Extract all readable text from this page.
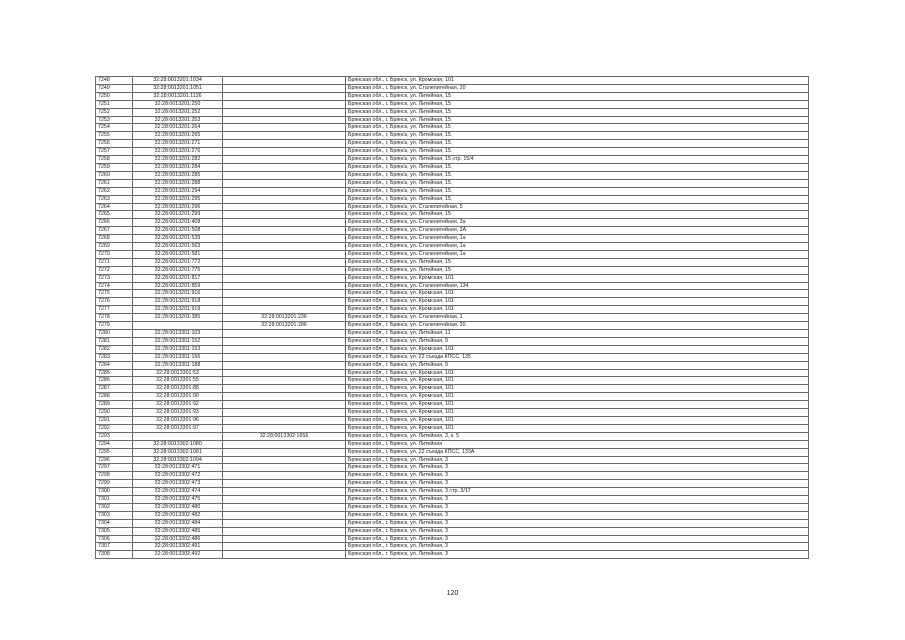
7248	32:28:0013201:1034		Брянская обл., г. Брянск, ул. Кромская, 101
7249	32:28:0013201:1051		Брянская обл., г. Брянск, ул. Сталелитейная, 20
7250	32:28:0013201:1126		Брянская обл., г. Брянск, ул. Литейная, 15
7251	32:28:0013201:250		Брянская обл., г. Брянск, ул. Литейная, 15
7252	32:28:0013201:252		Брянская обл., г. Брянск, ул. Литейная, 15
7253	32:28:0013201:253		Брянская обл., г. Брянск, ул. Литейная, 15
7254	32:28:0013201:264		Брянская обл., г. Брянск, ул. Литейная, 15
7255	32:28:0013201:265		Брянская обл., г. Брянск, ул. Литейная, 15
7256	32:28:0013201:271		Брянская обл., г. Брянск, ул. Литейная, 15
7257	32:28:0013201:276		Брянская обл., г. Брянск, ул. Литейная, 15
7258	32:28:0013201:282		Брянская обл., г. Брянск, ул. Литейная, 15 стр. 15/4
7259	32:28:0013201:284		Брянская обл., г. Брянск, ул. Литейная, 15
7260	32:28:0013201:285		Брянская обл., г. Брянск, ул. Литейная, 15
7261	32:28:0013201:288		Брянская обл., г. Брянск, ул. Литейная, 15
7262	32:28:0013201:294		Брянская обл., г. Брянск, ул. Литейная, 15
7263	32:28:0013201:295		Брянская обл., г. Брянск, ул. Литейная, 15
7264	32:28:0013201:296		Брянская обл., г. Брянск, ул. Сталелитейная, 5
7265	32:28:0013201:299		Брянская обл., г. Брянск, ул. Литейная, 15
7266	32:28:0013201:408		Брянская обл., г. Брянск, ул. Сталелитейная, 3а
7267	32:28:0013201:508		Брянская обл., г. Брянск, ул. Сталелитейная, 3А
7268	32:28:0013201:539		Брянская обл., г. Брянск, ул. Сталелитейная, 1а
7269	32:28:0013201:563		Брянская обл., г. Брянск, ул. Сталелитейная, 1а
7270	32:28:0013201:581		Брянская обл., г. Брянск, ул. Сталелитейная, 1а
7271	32:28:0013201:772		Брянская обл., г. Брянск, ул. Литейная, 15
7272	32:28:0013201:775		Брянская обл., г. Брянск, ул. Литейная, 15
7273	32:28:0013201:817		Брянская обл., г. Брянск, ул. Кромская, 101
7274	32:28:0013201:859		Брянская обл., г. Брянск, ул. Сталелитейная, 134
7275	32:28:0013201:916		Брянская обл., г. Брянск, ул. Кромская, 101
7276	32:28:0013201:918		Брянская обл., г. Брянск, ул. Кромская, 101
7277	32:28:0013201:919		Брянская обл., г. Брянск, ул. Кромская, 101
7278	32:28:0013201:385	32:28:0013201:236	Брянская обл., г. Брянск, ул. Сталелитейная, 1
7279		32:28:0013201:286	Брянская обл., г. Брянск, ул. Сталелитейная, 20
7280	32:28:0013301:103		Брянская обл., г. Брянск, ул. Литейная, 11
7281	32:28:0013301:152		Брянская обл., г. Брянск, ул. Литейная, 9
7282	32:28:0013301:153		Брянская обл., г. Брянск, ул. Кромская, 101
7283	32:28:0013301:156		Брянская обл., г. Брянск, ул. 22 съезда КПСС, 135
7284	32:28:0013301:188		Брянская обл., г. Брянск, ул. Литейная, 9
7285	32:28:0013301:53		Брянская обл., г. Брянск, ул. Кромская, 101
7286	32:28:0013301:55		Брянская обл., г. Брянск, ул. Кромская, 101
7287	32:28:0013301:88		Брянская обл., г. Брянск, ул. Кромская, 101
7288	32:28:0013301:90		Брянская обл., г. Брянск, ул. Кромская, 101
7289	32:28:0013301:92		Брянская обл., г. Брянск, ул. Кромская, 101
7290	32:28:0013301:93		Брянская обл., г. Брянск, ул. Кромская, 101
7291	32:28:0013301:96		Брянская обл., г. Брянск, ул. Кромская, 101
7292	32:28:0013301:97		Брянская обл., г. Брянск, ул. Кромская, 101
7293		32:28:0013302:1656	Брянская обл., г. Брянск, ул. Литейная, 3, к. 5
7294	32:28:0013302:1080		Брянская обл., г. Брянск, ул. Литейная
7295	32:28:0013302:1081		Брянская обл., г. Брянск, ул. 22 съезда КПСС, 133А
7296	32:28:0013302:1094		Брянская обл., г. Брянск, ул. Литейная, 3
7297	32:28:0013302:471		Брянская обл., г. Брянск, ул. Литейная, 3
7298	32:28:0013302:472		Брянская обл., г. Брянск, ул. Литейная, 3
7299	32:28:0013302:473		Брянская обл., г. Брянск, ул. Литейная, 3
7300	32:28:0013302:474		Брянская обл., г. Брянск, ул. Литейная, 3 стр. 3/17
7301	32:28:0013302:475		Брянская обл., г. Брянск, ул. Литейная, 3
7302	32:28:0013302:480		Брянская обл., г. Брянск, ул. Литейная, 3
7303	32:28:0013302:482		Брянская обл., г. Брянск, ул. Литейная, 3
7304	32:28:0013302:484		Брянская обл., г. Брянск, ул. Литейная, 3
7305	32:28:0013302:485		Брянская обл., г. Брянск, ул. Литейная, 3
7306	32:28:0013302:486		Брянская обл., г. Брянск, ул. Литейная, 3
7307	32:28:0013302:491		Брянская обл., г. Брянск, ул. Литейная, 3
7308	32:28:0013302:492		Брянская обл., г. Брянск, ул. Литейная, 3
120
